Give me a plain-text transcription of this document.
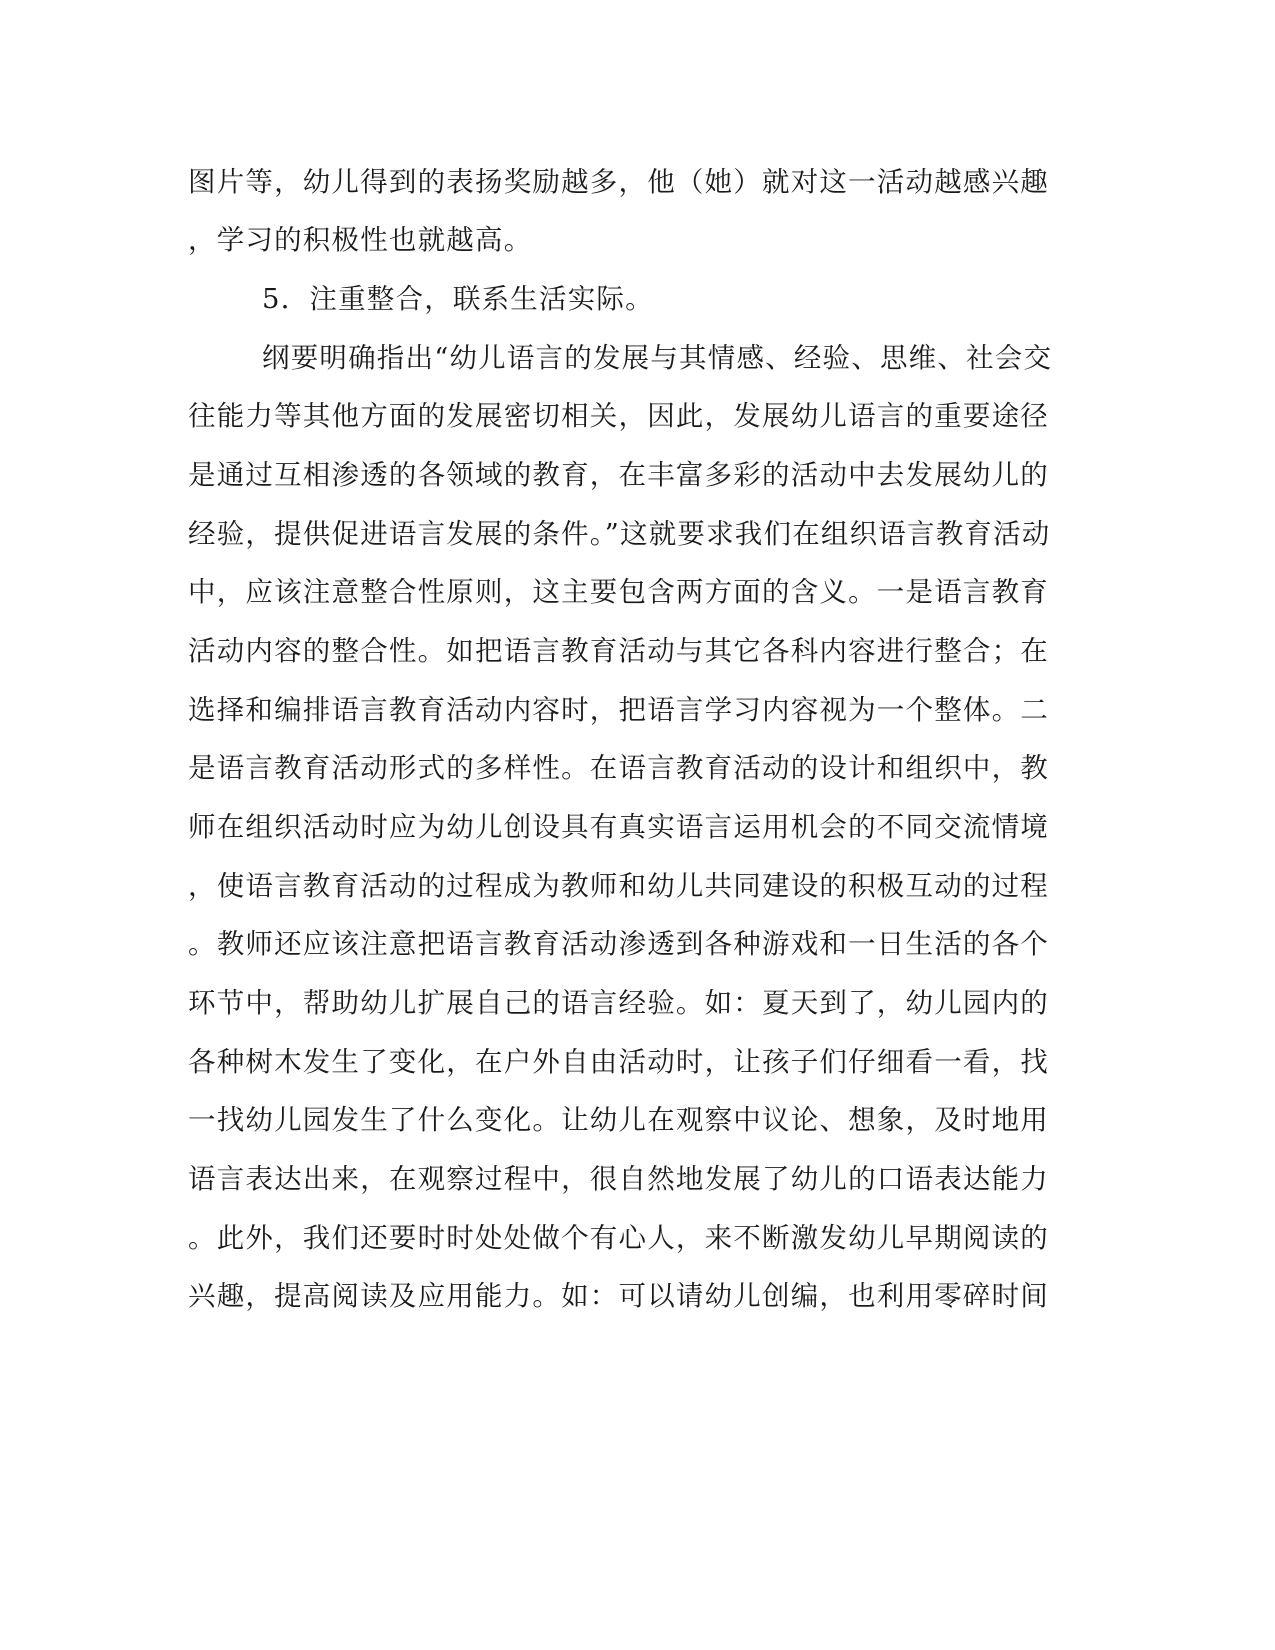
图片等，幼儿得到的表扬奖励越多，他（她）就对这一活动越感兴趣
，学习的积极性也就越高。
5．注重整合，联系生活实际。
纲要明确指出“幼儿语言的发展与其情感、经验、思维、社会交
往能力等其他方面的发展密切相关，因此，发展幼儿语言的重要途径
是通过互相渗透的各领域的教育，在丰富多彩的活动中去发展幼儿的
经验，提供促进语言发展的条件。”这就要求我们在组织语言教育活动
中，应该注意整合性原则，这主要包含两方面的含义。一是语言教育
活动内容的整合性。如把语言教育活动与其它各科内容进行整合；在
选择和编排语言教育活动内容时，把语言学习内容视为一个整体。二
是语言教育活动形式的多样性。在语言教育活动的设计和组织中，教
师在组织活动时应为幼儿创设具有真实语言运用机会的不同交流情境
，使语言教育活动的过程成为教师和幼儿共同建设的积极互动的过程
。教师还应该注意把语言教育活动渗透到各种游戏和一日生活的各个
环节中，帮助幼儿扩展自己的语言经验。如：夏天到了，幼儿园内的
各种树木发生了变化，在户外自由活动时，让孩子们仔细看一看，找
一找幼儿园发生了什么变化。让幼儿在观察中议论、想象，及时地用
语言表达出来，在观察过程中，很自然地发展了幼儿的口语表达能力
。此外，我们还要时时处处做个有心人，来不断激发幼儿早期阅读的
兴趣，提高阅读及应用能力。如：可以请幼儿创编，也利用零碎时间
